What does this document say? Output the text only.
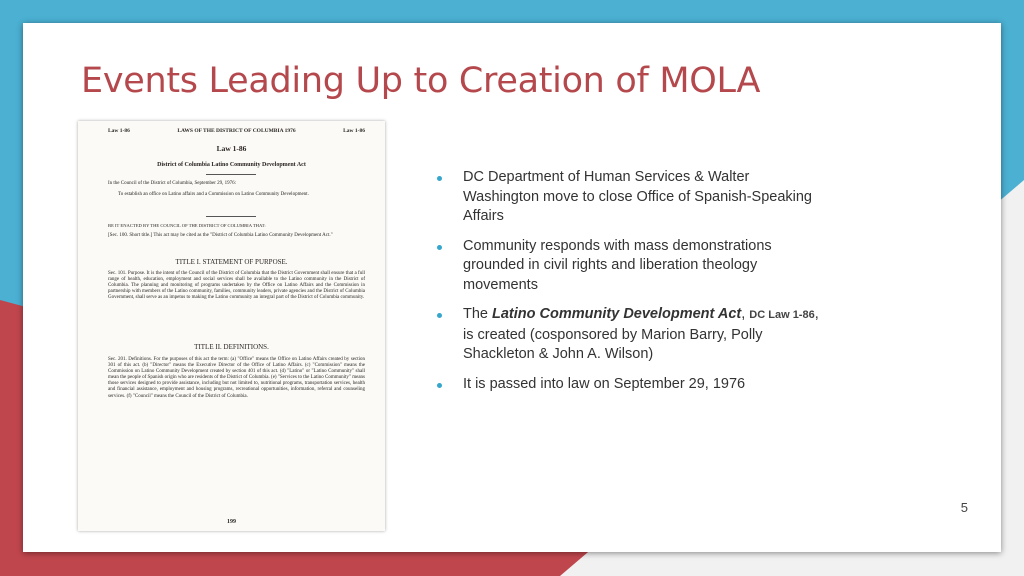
Events Leading Up to Creation of MOLA
Law 1-86	LAWS OF THE DISTRICT OF COLUMBIA 1976	Law 1-86
Law 1-86
District of Columbia Latino Community Development Act
In the Council of the District of Columbia, September 29, 1976:
To establish an office on Latino affairs and a Commission on Latino Community Development.
BE IT ENACTED BY THE COUNCIL OF THE DISTRICT OF COLUMBIA THAT:
[Sec. 100. Short title.] This act may be cited as the "District of Columbia Latino Community Development Act."
TITLE I. STATEMENT OF PURPOSE.
Sec. 101. Purpose. It is the intent of the Council of the District of Columbia that the District Government shall ensure that a full range of health, education, employment and social services shall be available to the Latino community in the District of Columbia. The planning and monitoring of programs undertaken by the Office on Latino Affairs and the Commission in partnership with members of the Latino community, families, community leaders, private agencies and the District of Columbia Government, shall serve as an impetus to making the Latino community an integral part of the District of Columbia community.
TITLE II. DEFINITIONS.
Sec. 201. Definitions. For the purposes of this act the term: (a) "Office" means the Office on Latino Affairs created by section 301 of this act. (b) "Director" means the Executive Director of the Office of Latino Affairs. (c) "Commission" means the Commission on Latino Community Development created by section 401 of this act. (d) "Latino" or "Latino Community" shall mean the people of Spanish origin who are residents of the District of Columbia. (e) "Services to the Latino Community" means those services designed to provide assistance, including but not limited to, nutritional programs, transportation services, health and financial assistance, employment and housing programs, recreational opportunities, information, referral and counseling services. (f) "Council" means the Council of the District of Columbia.
199
DC Department of Human Services & Walter Washington move to close Office of Spanish-Speaking Affairs
Community responds with mass demonstrations grounded in civil rights and liberation theology movements
The Latino Community Development Act, DC Law 1-86, is created (cosponsored by Marion Barry, Polly Shackleton & John A. Wilson)
It is passed into law on September 29, 1976
5
